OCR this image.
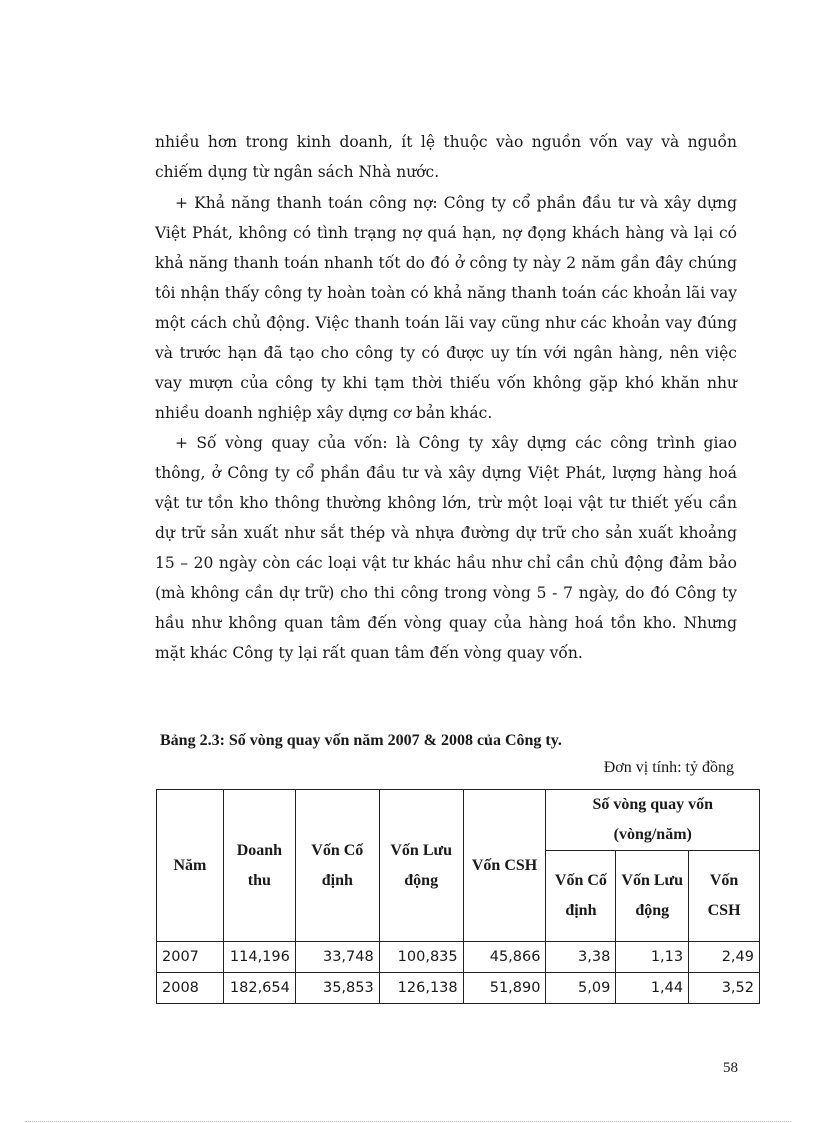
nhiều hơn trong kinh doanh, ít lệ thuộc vào nguồn vốn vay và nguồn chiếm dụng từ ngân sách Nhà nước.

+ Khả năng thanh toán công nợ: Công ty cổ phần đầu tư và xây dựng Việt Phát, không có tình trạng nợ quá hạn, nợ đọng khách hàng và lại có khả năng thanh toán nhanh tốt do đó ở công ty này 2 năm gần đây chúng tôi nhận thấy công ty hoàn toàn có khả năng thanh toán các khoản lãi vay một cách chủ động. Việc thanh toán lãi vay cũng như các khoản vay đúng và trước hạn đã tạo cho công ty có được uy tín với ngân hàng, nên việc vay mượn của công ty khi tạm thời thiếu vốn không gặp khó khăn như nhiều doanh nghiệp xây dựng cơ bản khác.

+ Số vòng quay của vốn: là Công ty xây dựng các công trình giao thông, ở Công ty cổ phần đầu tư và xây dựng Việt Phát, lượng hàng hoá vật tư tồn kho thông thường không lớn, trừ một loại vật tư thiết yếu cần dự trữ sản xuất như sắt thép và nhựa đường dự trữ cho sản xuất khoảng 15 – 20 ngày còn các loại vật tư khác hầu như chỉ cần chủ động đảm bảo (mà không cần dự trữ) cho thi công trong vòng 5 - 7 ngày, do đó Công ty hầu như không quan tâm đến vòng quay của hàng hoá tồn kho. Nhưng mặt khác Công ty lại rất quan tâm đến vòng quay vốn.

Bảng 2.3: Số vòng quay vốn năm 2007 & 2008 của Công ty.
Đơn vị tính: tỷ đồng
Năm	Doanh thu	Vốn Cố định	Vốn Lưu động	Vốn CSH	Số vòng quay vốn (vòng/năm)		
					Vốn Cố định	Vốn Lưu động	Vốn CSH
2007	114,196	33,748	100,835	45,866	3,38	1,13	2,49
2008	182,654	35,853	126,138	51,890	5,09	1,44	3,52
58
